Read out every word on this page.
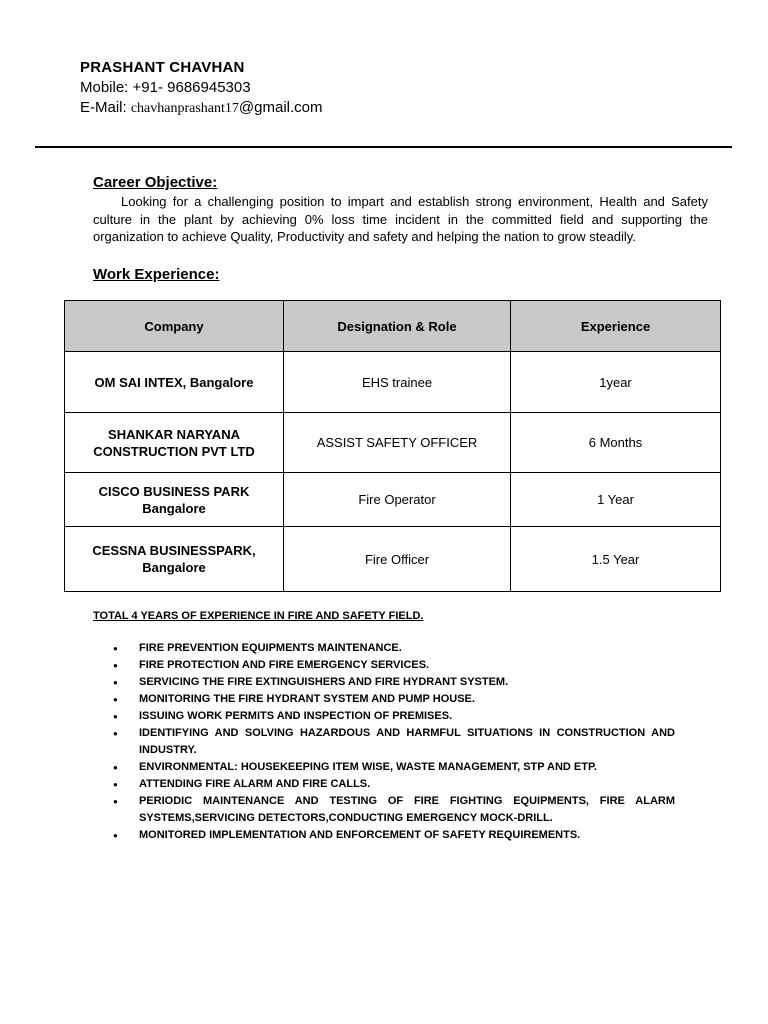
PRASHANT CHAVHAN
Mobile: +91- 9686945303
E-Mail: chavhanprashant17@gmail.com
Career Objective:
Looking for a challenging position to impart and establish strong environment, Health and Safety culture in the plant by achieving 0% loss time incident in the committed field and supporting the organization to achieve Quality, Productivity and safety and helping the nation to grow steadily.
Work Experience:
Company	Designation & Role	Experience
OM SAI INTEX, Bangalore	EHS trainee	1year

SHANKAR NARYANA
CONSTRUCTION PVT LTD	ASSIST SAFETY OFFICER	6 Months

CISCO BUSINESS PARK
Bangalore	Fire Operator	1 Year

CESSNA BUSINESSPARK,
Bangalore	Fire Officer	1.5 Year
TOTAL 4 YEARS OF EXPERIENCE IN FIRE AND SAFETY FIELD.
● FIRE PREVENTION EQUIPMENTS MAINTENANCE.
● FIRE PROTECTION AND FIRE EMERGENCY SERVICES.
● SERVICING THE FIRE EXTINGUISHERS AND FIRE HYDRANT SYSTEM.
● MONITORING THE FIRE HYDRANT SYSTEM AND PUMP HOUSE.
● ISSUING WORK PERMITS AND INSPECTION OF PREMISES.
● IDENTIFYING AND SOLVING HAZARDOUS AND HARMFUL SITUATIONS IN CONSTRUCTION AND INDUSTRY.
● ENVIRONMENTAL: HOUSEKEEPING ITEM WISE, WASTE MANAGEMENT, STP AND ETP.
● ATTENDING FIRE ALARM AND FIRE CALLS.
● PERIODIC MAINTENANCE AND TESTING OF FIRE FIGHTING EQUIPMENTS, FIRE ALARM SYSTEMS,SERVICING DETECTORS,CONDUCTING EMERGENCY MOCK-DRILL.
● MONITORED IMPLEMENTATION AND ENFORCEMENT OF SAFETY REQUIREMENTS.
